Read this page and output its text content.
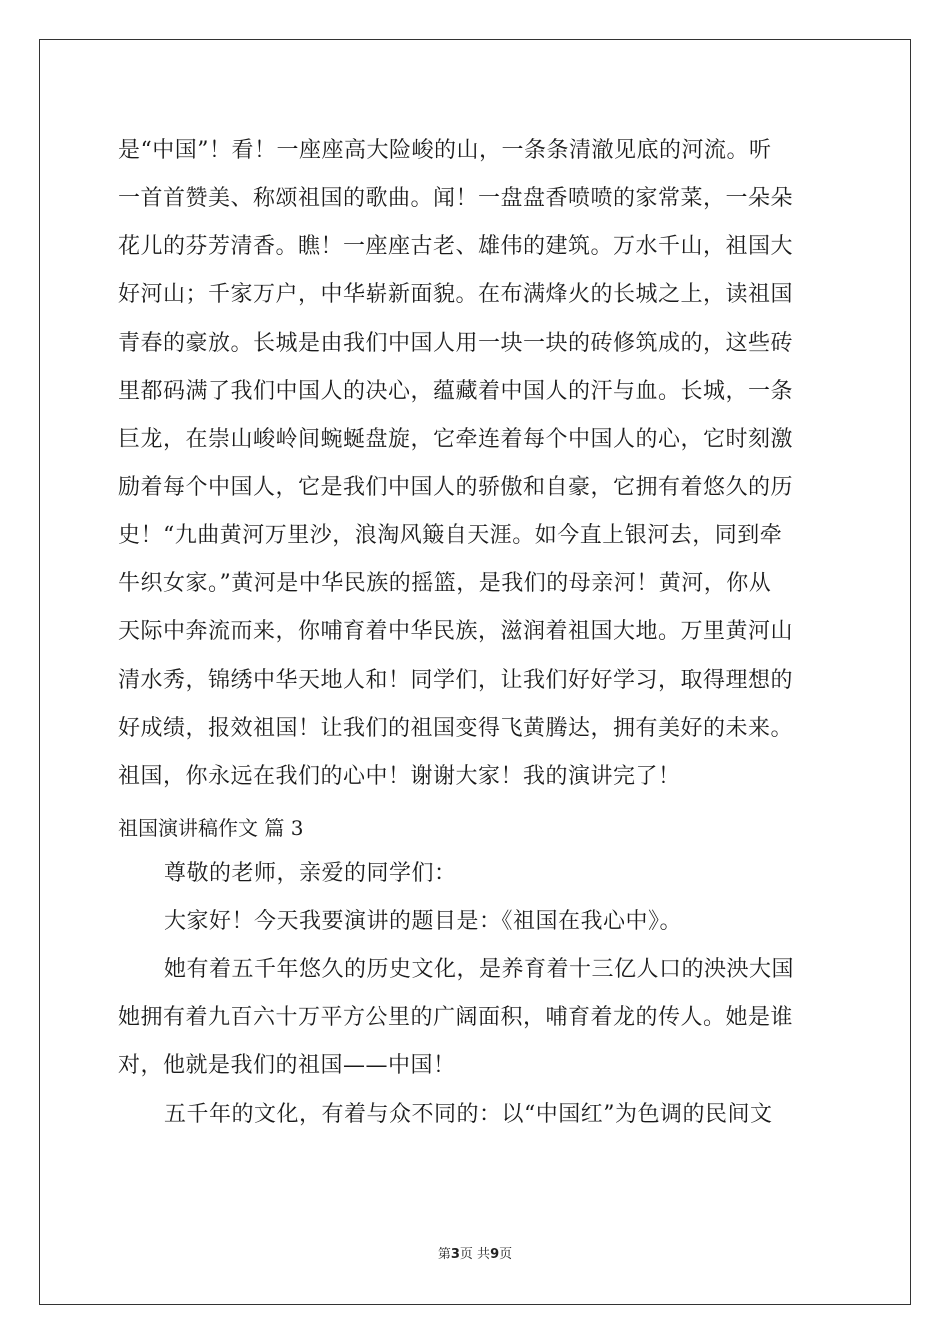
是“中国”！看！一座座高大险峻的山，一条条清澈见底的河流。听
一首首赞美、称颂祖国的歌曲。闻！一盘盘香喷喷的家常菜，一朵朵
花儿的芬芳清香。瞧！一座座古老、雄伟的建筑。万水千山，祖国大
好河山；千家万户，中华崭新面貌。在布满烽火的长城之上，读祖国
青春的豪放。长城是由我们中国人用一块一块的砖修筑成的，这些砖
里都码满了我们中国人的决心，蕴藏着中国人的汗与血。长城，一条
巨龙，在崇山峻岭间蜿蜒盘旋，它牵连着每个中国人的心，它时刻激
励着每个中国人，它是我们中国人的骄傲和自豪，它拥有着悠久的历
史！“九曲黄河万里沙，浪淘风簸自天涯。如今直上银河去，同到牵
牛织女家。”黄河是中华民族的摇篮，是我们的母亲河！黄河，你从
天际中奔流而来，你哺育着中华民族，滋润着祖国大地。万里黄河山
清水秀，锦绣中华天地人和！同学们，让我们好好学习，取得理想的
好成绩，报效祖国！让我们的祖国变得飞黄腾达，拥有美好的未来。
祖国，你永远在我们的心中！谢谢大家！我的演讲完了！
祖国演讲稿作文 篇 3
尊敬的老师，亲爱的同学们：
大家好！今天我要演讲的题目是：《祖国在我心中》。
她有着五千年悠久的历史文化，是养育着十三亿人口的泱泱大国
她拥有着九百六十万平方公里的广阔面积，哺育着龙的传人。她是谁
对，他就是我们的祖国——中国！
五千年的文化，有着与众不同的：以“中国红”为色调的民间文
第3页 共9页
